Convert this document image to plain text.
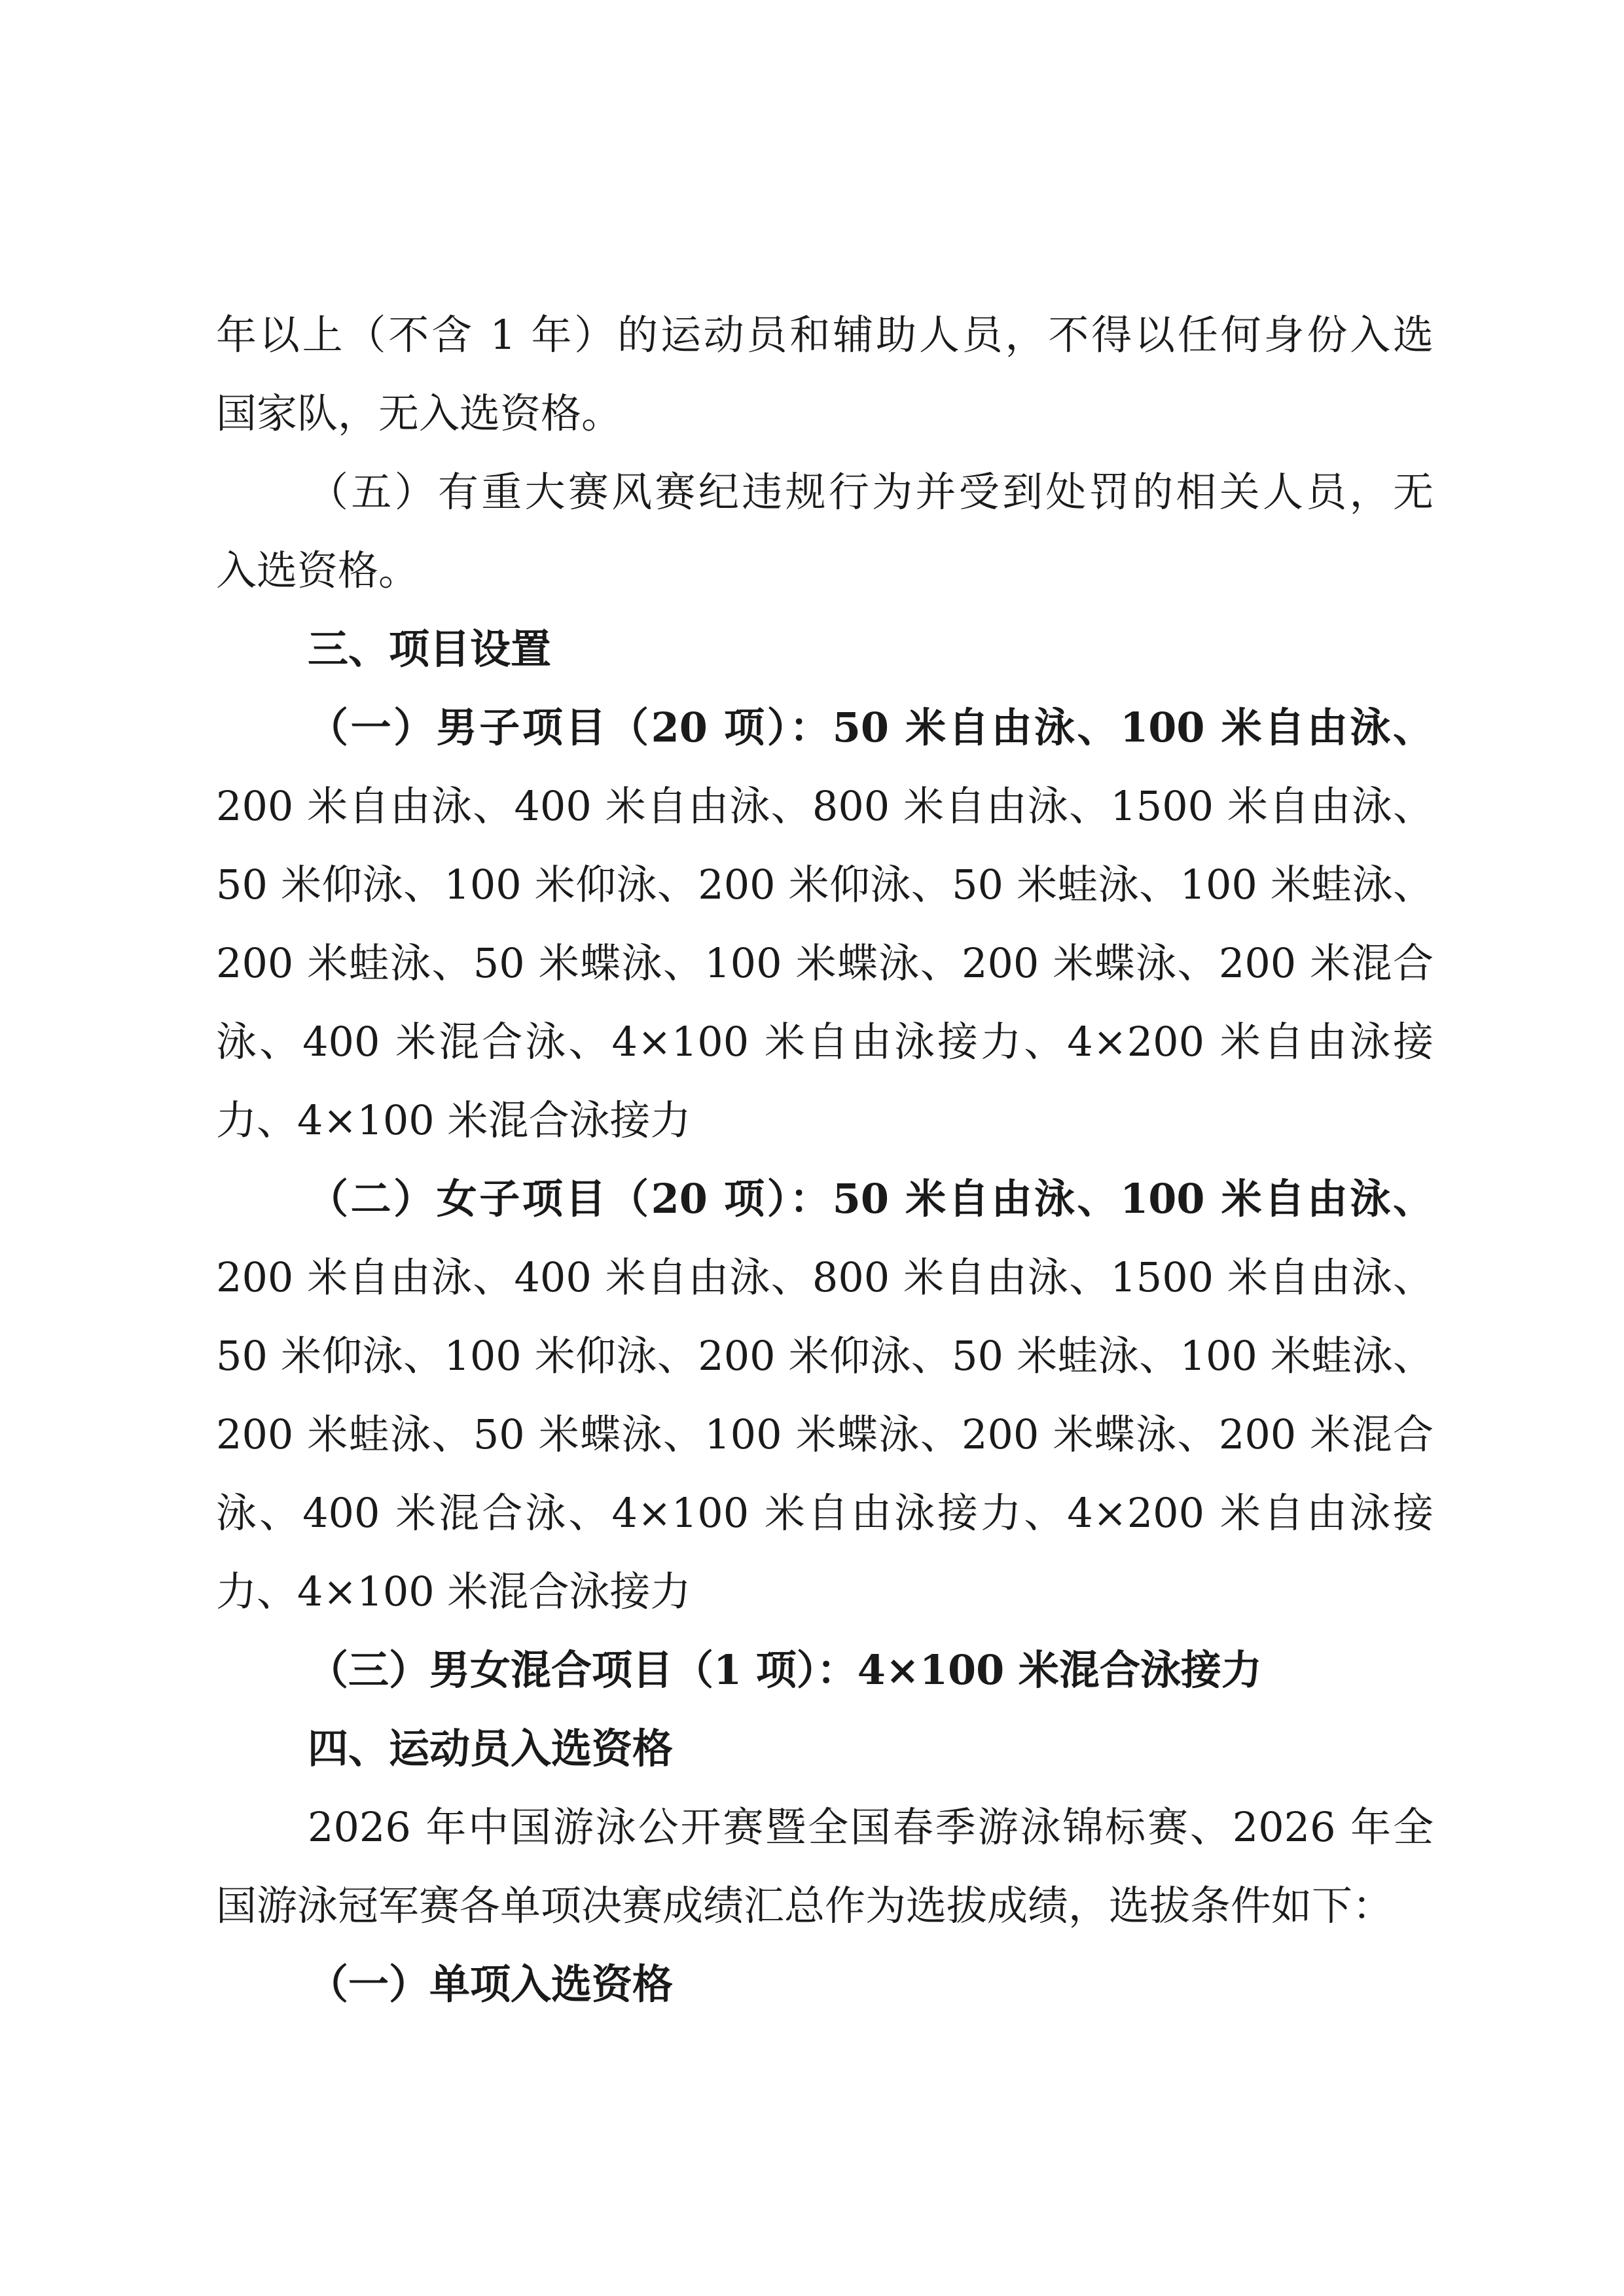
年以上（不含 1 年）的运动员和辅助人员，不得以任何身份入选
国家队，无入选资格。
（五）有重大赛风赛纪违规行为并受到处罚的相关人员，无
入选资格。
三、项目设置
（一）男子项目（20 项）：50 米自由泳、100 米自由泳、
200 米自由泳、400 米自由泳、800 米自由泳、1500 米自由泳、
50 米仰泳、100 米仰泳、200 米仰泳、50 米蛙泳、100 米蛙泳、
200 米蛙泳、50 米蝶泳、100 米蝶泳、200 米蝶泳、200 米混合
泳、400 米混合泳、4×100 米自由泳接力、4×200 米自由泳接
力、4×100 米混合泳接力
（二）女子项目（20 项）：50 米自由泳、100 米自由泳、
200 米自由泳、400 米自由泳、800 米自由泳、1500 米自由泳、
50 米仰泳、100 米仰泳、200 米仰泳、50 米蛙泳、100 米蛙泳、
200 米蛙泳、50 米蝶泳、100 米蝶泳、200 米蝶泳、200 米混合
泳、400 米混合泳、4×100 米自由泳接力、4×200 米自由泳接
力、4×100 米混合泳接力
（三）男女混合项目（1 项）：4×100 米混合泳接力
四、运动员入选资格
2026 年中国游泳公开赛暨全国春季游泳锦标赛、2026 年全
国游泳冠军赛各单项决赛成绩汇总作为选拔成绩，选拔条件如下：
（一）单项入选资格
